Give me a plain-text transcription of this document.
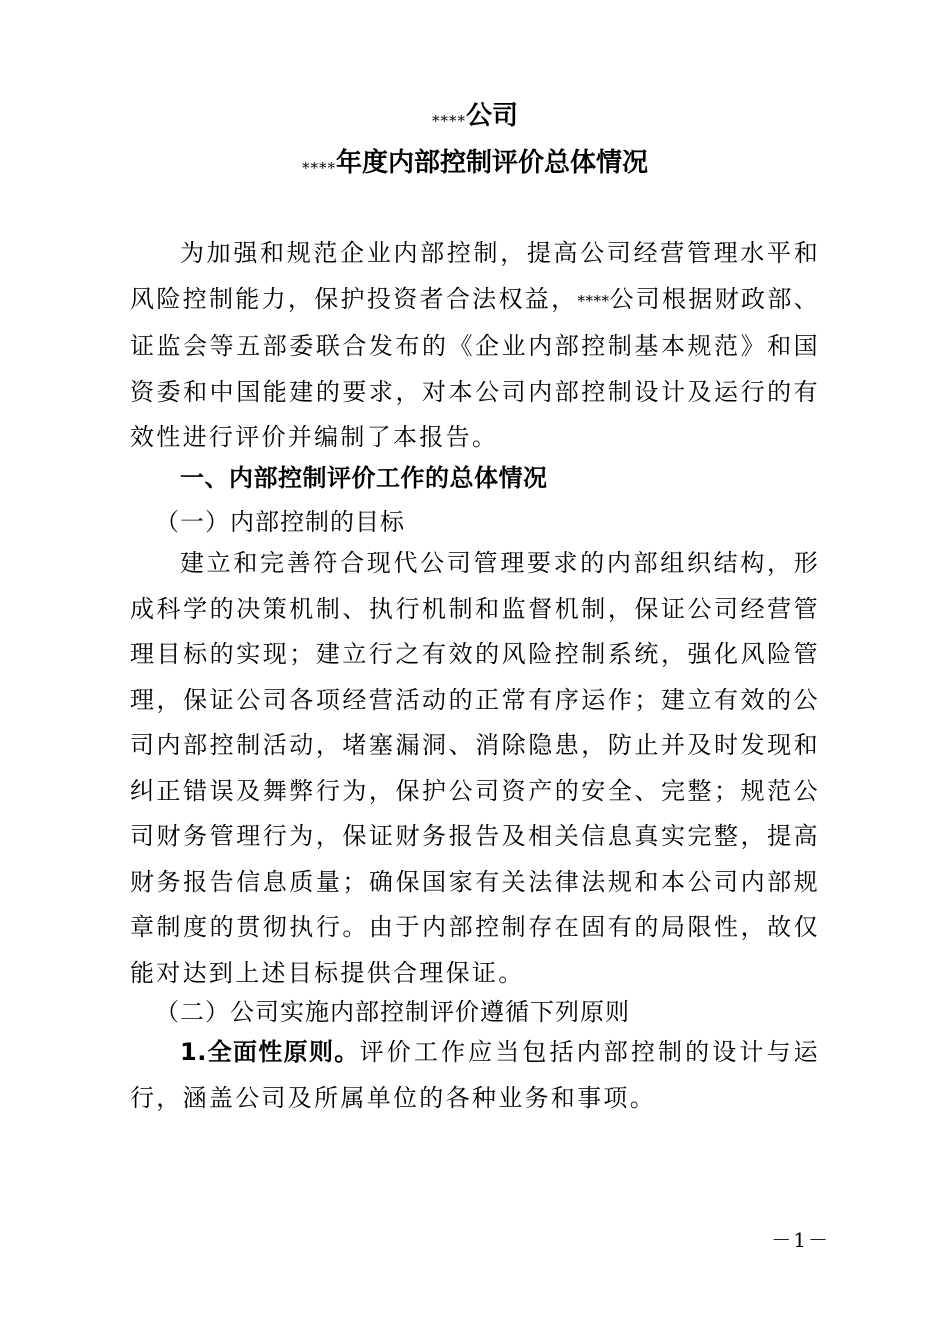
****公司
****年度内部控制评价总体情况

为加强和规范企业内部控制，提高公司经营管理水平和风险控制能力，保护投资者合法权益，****公司根据财政部、证监会等五部委联合发布的《企业内部控制基本规范》和国资委和中国能建的要求，对本公司内部控制设计及运行的有效性进行评价并编制了本报告。

一、内部控制评价工作的总体情况

（一）内部控制的目标

建立和完善符合现代公司管理要求的内部组织结构，形成科学的决策机制、执行机制和监督机制，保证公司经营管理目标的实现；建立行之有效的风险控制系统，强化风险管理，保证公司各项经营活动的正常有序运作；建立有效的公司内部控制活动，堵塞漏洞、消除隐患，防止并及时发现和纠正错误及舞弊行为，保护公司资产的安全、完整；规范公司财务管理行为，保证财务报告及相关信息真实完整，提高财务报告信息质量；确保国家有关法律法规和本公司内部规章制度的贯彻执行。由于内部控制存在固有的局限性，故仅能对达到上述目标提供合理保证。

（二）公司实施内部控制评价遵循下列原则

1.全面性原则。评价工作应当包括内部控制的设计与运行，涵盖公司及所属单位的各种业务和事项。

－1－
